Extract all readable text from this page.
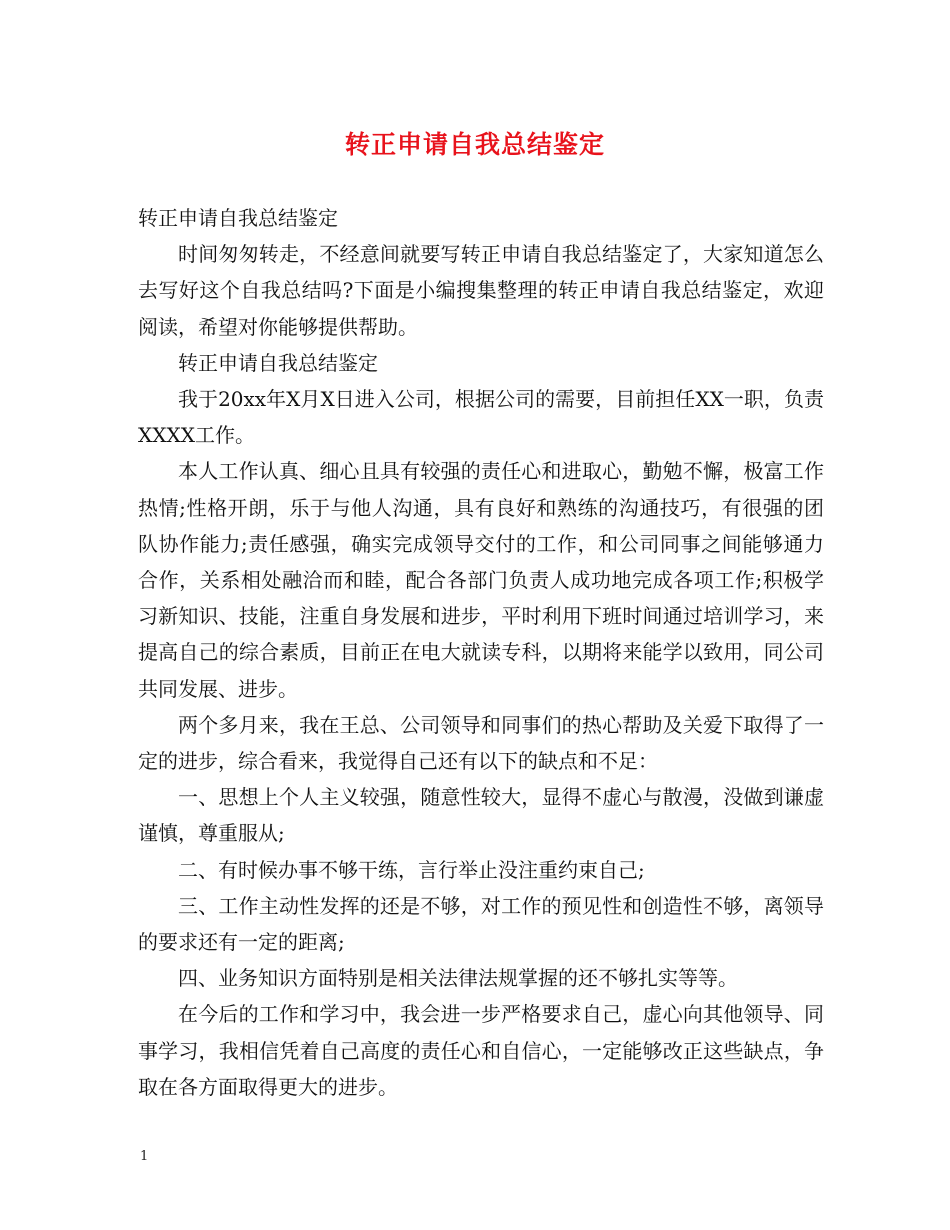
转正申请自我总结鉴定

转正申请自我总结鉴定

时间匆匆转走，不经意间就要写转正申请自我总结鉴定了，大家知道怎么去写好这个自我总结吗?下面是小编搜集整理的转正申请自我总结鉴定，欢迎阅读，希望对你能够提供帮助。

转正申请自我总结鉴定

我于20xx年X月X日进入公司，根据公司的需要，目前担任XX一职，负责XXXX工作。

本人工作认真、细心且具有较强的责任心和进取心，勤勉不懈，极富工作热情;性格开朗，乐于与他人沟通，具有良好和熟练的沟通技巧，有很强的团队协作能力;责任感强，确实完成领导交付的工作，和公司同事之间能够通力合作，关系相处融洽而和睦，配合各部门负责人成功地完成各项工作;积极学习新知识、技能，注重自身发展和进步，平时利用下班时间通过培训学习，来提高自己的综合素质，目前正在电大就读专科，以期将来能学以致用，同公司共同发展、进步。

两个多月来，我在王总、公司领导和同事们的热心帮助及关爱下取得了一定的进步，综合看来，我觉得自己还有以下的缺点和不足：

一、思想上个人主义较强，随意性较大，显得不虚心与散漫，没做到谦虚谨慎，尊重服从;

二、有时候办事不够干练，言行举止没注重约束自己;

三、工作主动性发挥的还是不够，对工作的预见性和创造性不够，离领导的要求还有一定的距离;

四、业务知识方面特别是相关法律法规掌握的还不够扎实等等。

在今后的工作和学习中，我会进一步严格要求自己，虚心向其他领导、同事学习，我相信凭着自己高度的责任心和自信心，一定能够改正这些缺点，争取在各方面取得更大的进步。

1
